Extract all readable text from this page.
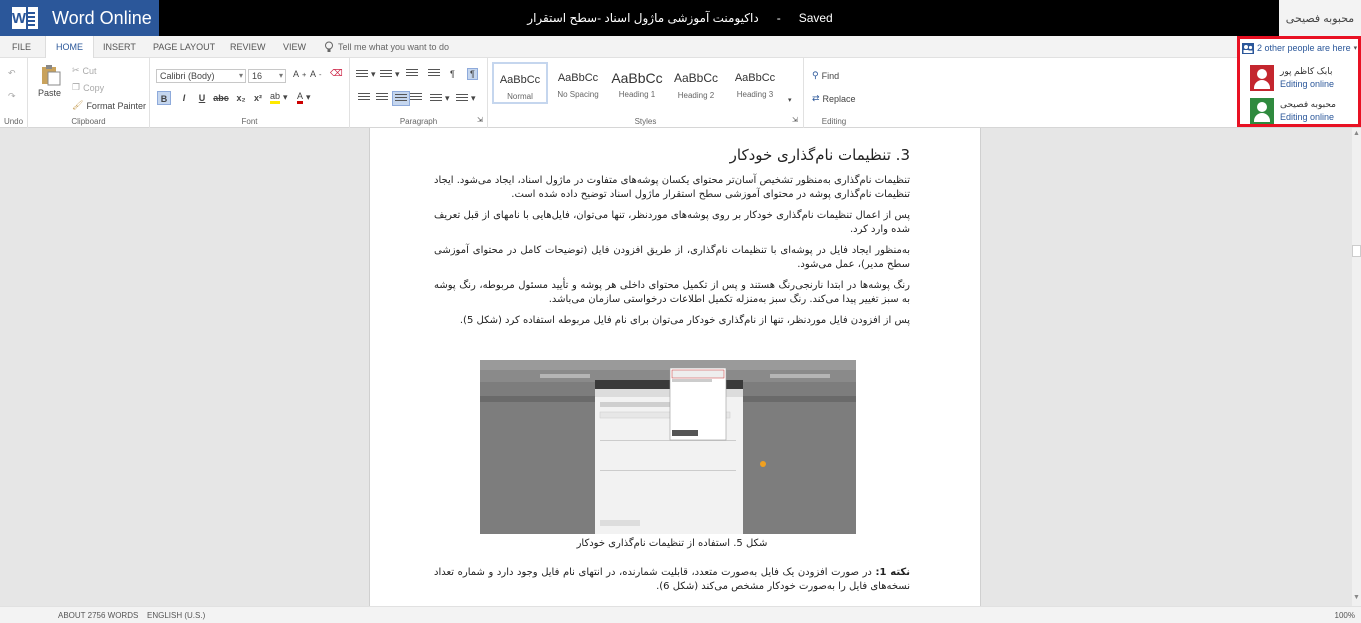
W Word Online	داکیومنت آموزشی ماژول اسناد -سطح استقرار - Saved	محبوبه فصیحی
FILE	HOME	INSERT PAGE LAYOUT REVIEW VIEW	Tell me what you want to do
↶
↷
Undo
Paste
✂ Cut
❐ Copy
🖌 Format Painter
Clipboard
Calibri (Body) ▾	16 ▾	A + A - ⌫
B	I	U abc x₂ x² ab ▾ A ▾
Font
▾	▾	¶	¶
▾	▾
⇲
Paragraph
AaBbCc
Normal
AaBbCc
No Spacing
AaBbCc
Heading 1
AaBbCc
Heading 2
AaBbCc
Heading 3
▾
⇲
Styles
⚲ Find
⇄ Replace
Editing
بابک کاظم پور
Editing online
محبوبه فصیحی
Editing online
2 other people are here ▾
3. تنظیمات نام‌گذاری خودکار

تنظیمات نام‌گذاری به‌منظور تشخیص آسان‌تر محتوای یکسان پوشه‌های متفاوت در ماژول اسناد، ایجاد می‌شود. ایجاد تنظیمات نام‌گذاری پوشه در محتوای آموزشی سطح استقرار ماژول اسناد توضیح داده شده است.

پس از اعمال تنظیمات نام‌گذاری خودکار بر روی پوشه‌های موردنظر، تنها می‌توان، فایل‌هایی با نامهای از قبل تعریف شده وارد کرد.

به‌منظور ایجاد فایل در پوشه‌ای با تنظیمات نام‌گذاری، از طریق افزودن فایل (توضیحات کامل در محتوای آموزشی سطح مدیر)، عمل می‌شود.

رنگ پوشه‌ها در ابتدا نارنجی‌رنگ هستند و پس از تکمیل محتوای داخلی هر پوشه و تأیید مسئول مربوطه، رنگ پوشه به سبز تغییر پیدا می‌کند. رنگ سبز به‌منزله تکمیل اطلاعات درخواستی سازمان می‌باشد.

پس از افزودن فایل موردنظر، تنها از نام‌گذاری خودکار می‌توان برای نام فایل مربوطه استفاده کرد (شکل 5).

شکل 5. استفاده از تنظیمات نام‌گذاری خودکار
نکته 1: در صورت افزودن یک فایل به‌صورت متعدد، قابلیت شمارنده، در انتهای نام فایل وجود دارد و شماره تعداد نسخه‌های فایل را به‌صورت خودکار مشخص می‌کند (شکل 6).
▲
▼
ABOUT 2756 WORDS ENGLISH (U.S.)	100%
